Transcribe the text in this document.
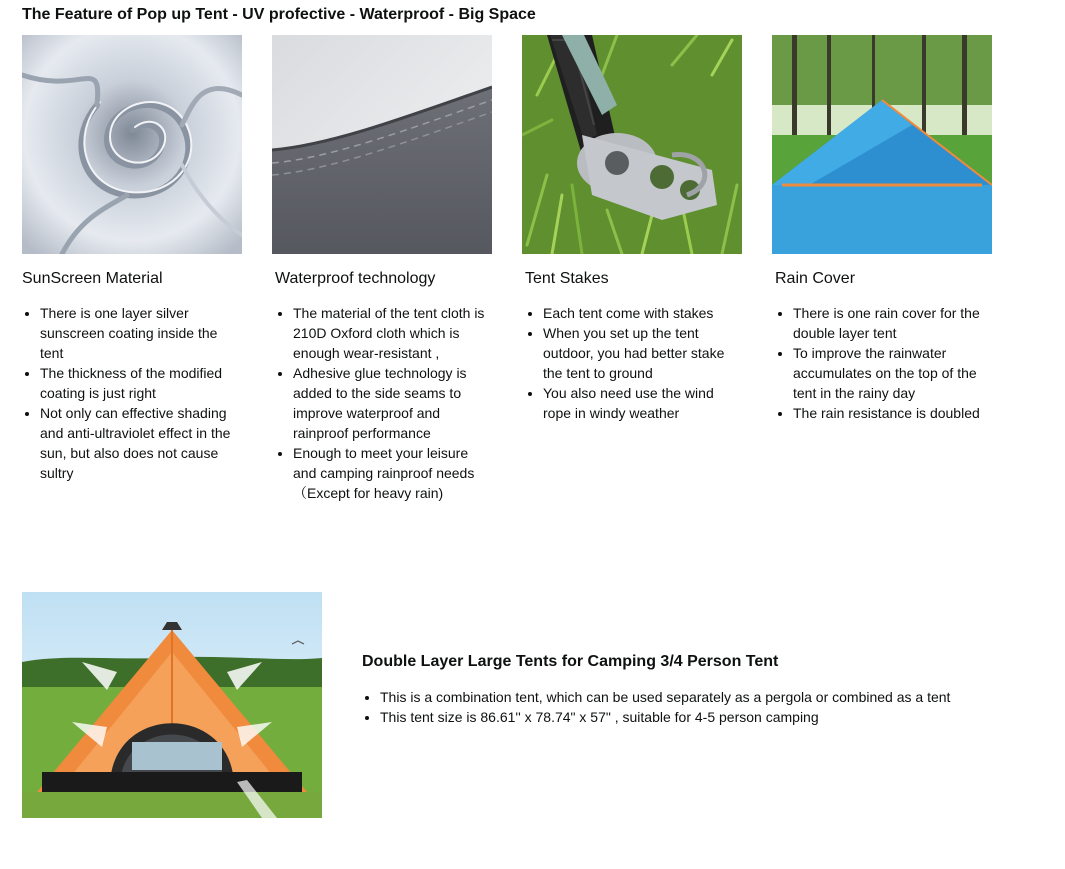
The Feature of Pop up Tent - UV profective - Waterproof - Big Space
SunScreen Material
• There is one layer silver sunscreen coating inside the tent
• The thickness of the modified coating is just right
• Not only can effective shading and anti-ultraviolet effect in the sun, but also does not cause sultry
Waterproof technology
• The material of the tent cloth is 210D Oxford cloth which is enough wear-resistant ,
• Adhesive glue technology is added to the side seams to improve waterproof and rainproof performance
• Enough to meet your leisure and camping rainproof needs （Except for heavy rain)
Tent Stakes
• Each tent come with stakes
• When you set up the tent outdoor, you had better stake the tent to ground
• You also need use the wind rope in windy weather
Rain Cover
• There is one rain cover for the double layer tent
• To improve the rainwater accumulates on the top of the tent in the rainy day
• The rain resistance is doubled
Double Layer Large Tents for Camping 3/4 Person Tent
• This is a combination tent, which can be used separately as a pergola or combined as a tent
• This tent size is 86.61'' x 78.74" x 57" , suitable for 4-5 person camping
